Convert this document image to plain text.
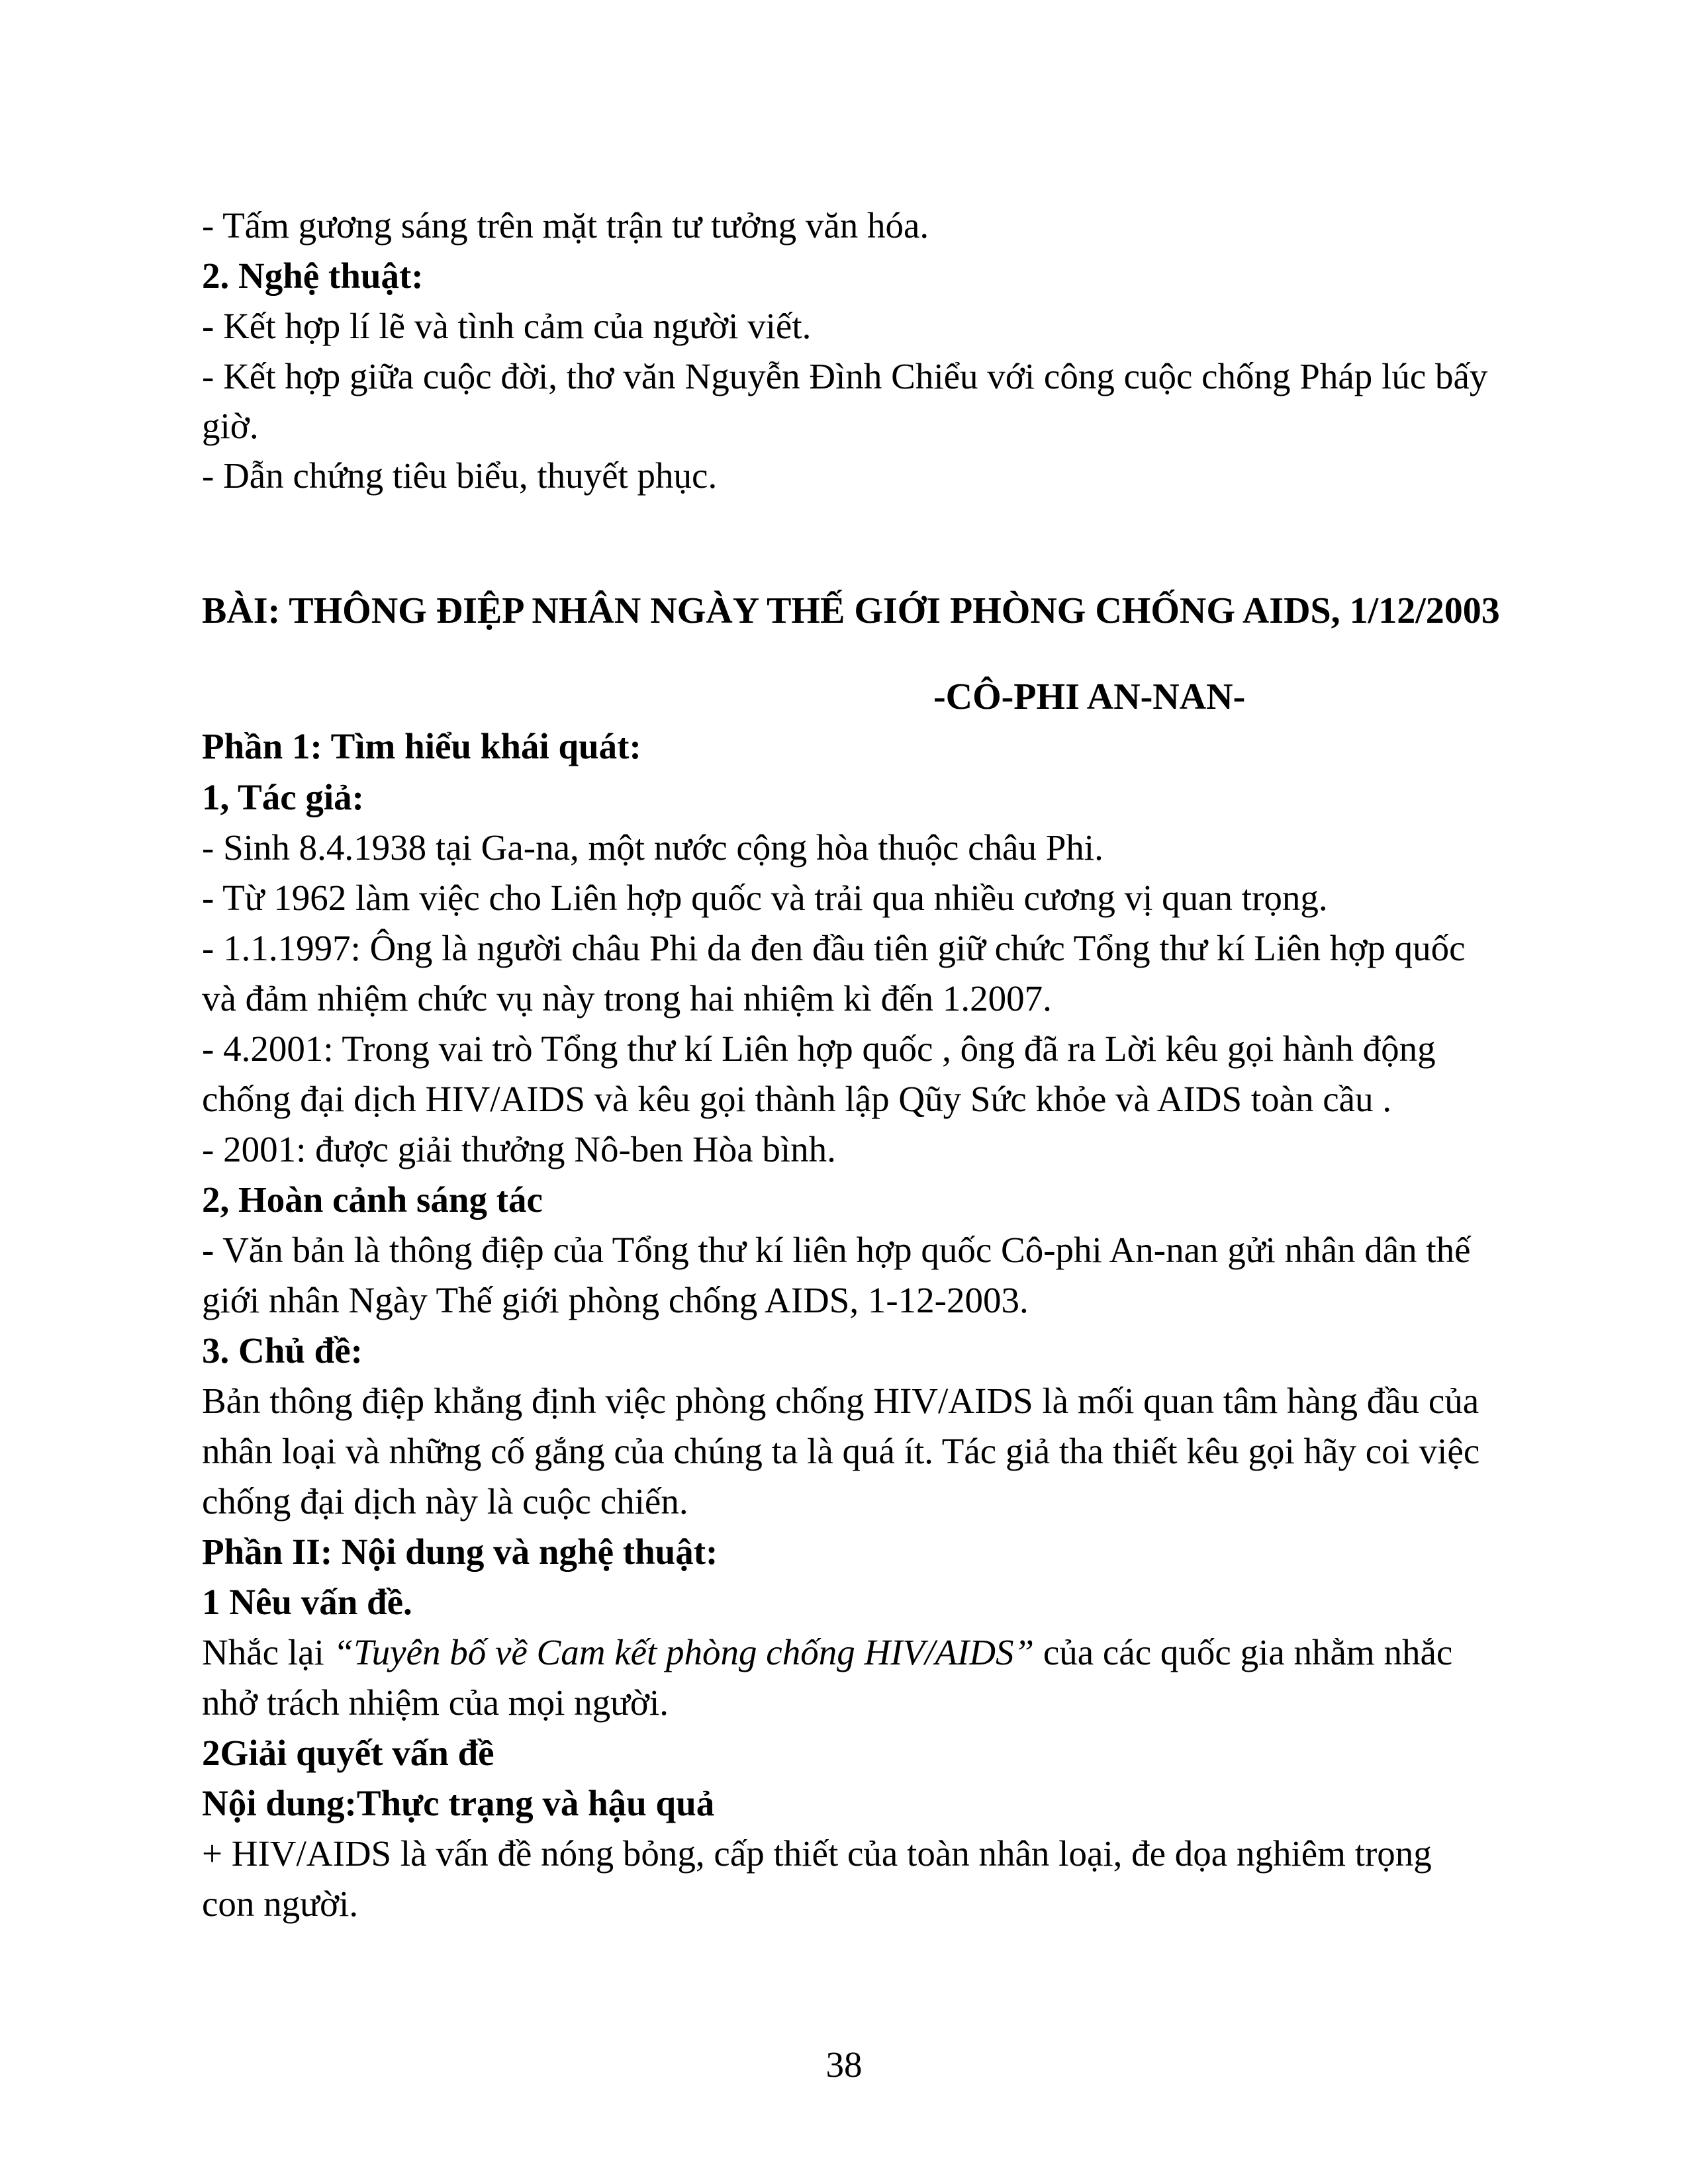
- Tấm gương sáng trên mặt trận tư tưởng văn hóa.
2. Nghệ thuật:
- Kết hợp lí lẽ và tình cảm của người viết.
- Kết hợp giữa cuộc đời, thơ văn Nguyễn Đình Chiểu với công cuộc chống Pháp lúc bấy
giờ.
- Dẫn chứng tiêu biểu, thuyết phục.
BÀI: THÔNG ĐIỆP NHÂN NGÀY THẾ GIỚI PHÒNG CHỐNG AIDS, 1/12/2003
-CÔ-PHI AN-NAN-
Phần 1: Tìm hiểu khái quát:
1, Tác giả:
- Sinh 8.4.1938 tại Ga-na, một nước cộng hòa thuộc châu Phi.
- Từ 1962 làm việc cho Liên hợp quốc và trải qua nhiều cương vị quan trọng.
- 1.1.1997: Ông là người châu Phi da đen đầu tiên giữ chức Tổng thư kí Liên hợp quốc
và đảm nhiệm chức vụ này trong hai nhiệm kì đến 1.2007.
- 4.2001: Trong vai trò Tổng thư kí Liên hợp quốc , ông đã ra Lời kêu gọi hành động
chống đại dịch HIV/AIDS và kêu gọi thành lập Qũy Sức khỏe và AIDS toàn cầu .
- 2001: được giải thưởng Nô-ben Hòa bình.
2, Hoàn cảnh sáng tác
- Văn bản là thông điệp của Tổng thư kí liên hợp quốc Cô-phi An-nan gửi nhân dân thế
giới nhân Ngày Thế giới phòng chống AIDS, 1-12-2003.
3. Chủ đề:
Bản thông điệp khẳng định việc phòng chống HIV/AIDS là mối quan tâm hàng đầu của
nhân loại và những cố gắng của chúng ta là quá ít. Tác giả tha thiết kêu gọi hãy coi việc
chống đại dịch này là cuộc chiến.
Phần II: Nội dung và nghệ thuật:
1 Nêu vấn đề.
Nhắc lại “Tuyên bố về Cam kết phòng chống HIV/AIDS” của các quốc gia nhằm nhắc
nhở trách nhiệm của mọi người.
2Giải quyết vấn đề
Nội dung:Thực trạng và hậu quả
+ HIV/AIDS là vấn đề nóng bỏng, cấp thiết của toàn nhân loại, đe dọa nghiêm trọng
con người.
38
